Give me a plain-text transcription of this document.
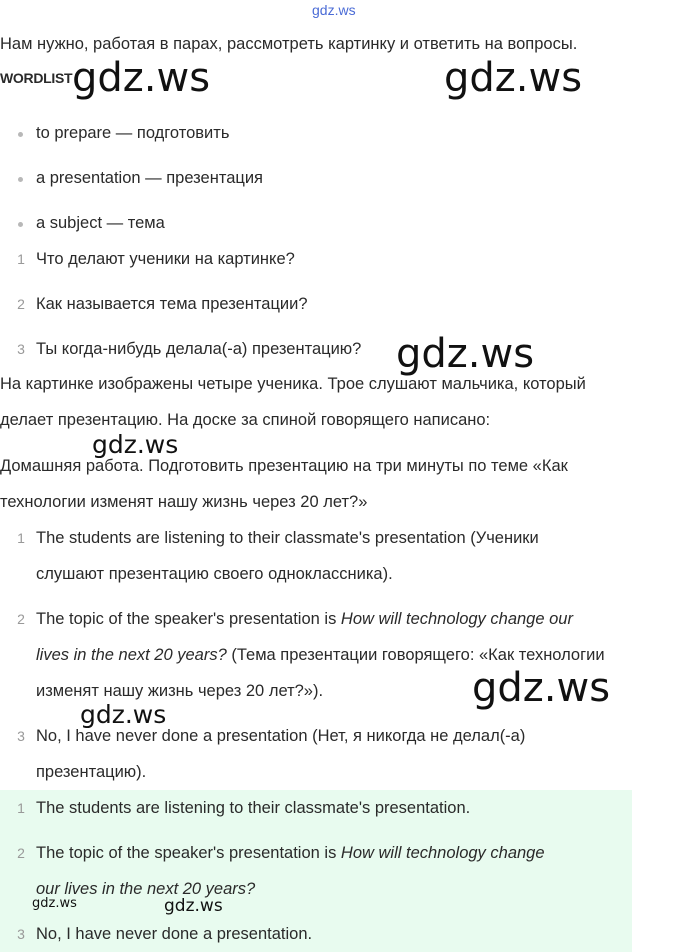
gdz.ws
Нам нужно, работая в парах, рассмотреть картинку и ответить на вопросы.
WORDLIST gdz.ws	gdz.ws
to prepare — подготовить
a presentation — презентация
a subject — тема
1 Что делают ученики на картинке?
2 Как называется тема презентации?
3 Ты когда-нибудь делала(-а) презентацию? gdz.ws
На картинке изображены четыре ученика. Трое слушают мальчика, который
делает презентацию. На доске за спиной говорящего написано:
gdz.ws
Домашняя работа. Подготовить презентацию на три минуты по теме «Как
технологии изменят нашу жизнь через 20 лет?»
1 The students are listening to their classmate's presentation (Ученики
слушают презентацию своего одноклассника).
2 The topic of the speaker's presentation is How will technology change our
lives in the next 20 years? (Тема презентации говорящего: «Как технологии
изменят нашу жизнь через 20 лет?»).	gdz.ws
gdz.ws
3 No, I have never done a presentation (Нет, я никогда не делал(-а)
презентацию).
1 The students are listening to their classmate's presentation.
2 The topic of the speaker's presentation is How will technology change
our lives in the next 20 years?
gdz.ws	gdz.ws
3 No, I have never done a presentation.
